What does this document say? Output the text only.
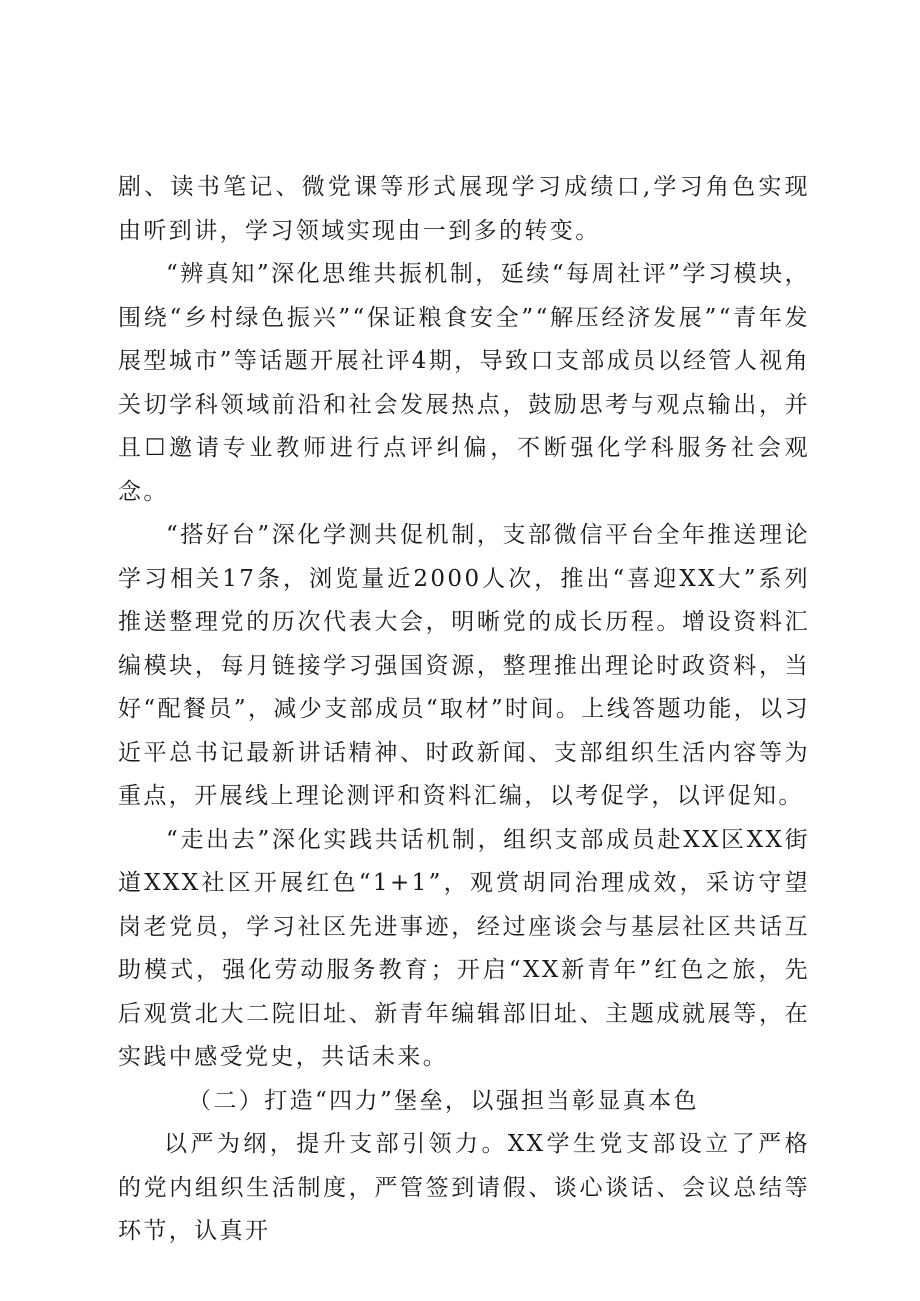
剧、读书笔记、微党课等形式展现学习成绩口,学习角色实现由听到讲，学习领域实现由一到多的转变。

“辨真知”深化思维共振机制，延续“每周社评”学习模块，围绕“乡村绿色振兴”“保证粮食安全”“解压经济发展”“青年发展型城市”等话题开展社评4期，导致口支部成员以经管人视角关切学科领域前沿和社会发展热点，鼓励思考与观点输出，并且☐邀请专业教师进行点评纠偏，不断强化学科服务社会观念。

“搭好台”深化学测共促机制，支部微信平台全年推送理论学习相关17条，浏览量近2000人次，推出“喜迎XX大”系列推送整理党的历次代表大会，明晰党的成长历程。增设资料汇编模块，每月链接学习强国资源，整理推出理论时政资料，当好“配餐员”，减少支部成员“取材”时间。上线答题功能，以习近平总书记最新讲话精神、时政新闻、支部组织生活内容等为重点，开展线上理论测评和资料汇编，以考促学，以评促知。

“走出去”深化实践共话机制，组织支部成员赴XX区XX街道XXX社区开展红色“1+1”，观赏胡同治理成效，采访守望岗老党员，学习社区先进事迹，经过座谈会与基层社区共话互助模式，强化劳动服务教育；开启“XX新青年”红色之旅，先后观赏北大二院旧址、新青年编辑部旧址、主题成就展等，在实践中感受党史，共话未来。

（二）打造“四力”堡垒，以强担当彰显真本色

以严为纲，提升支部引领力。XX学生党支部设立了严格的党内组织生活制度，严管签到请假、谈心谈话、会议总结等环节，认真开
